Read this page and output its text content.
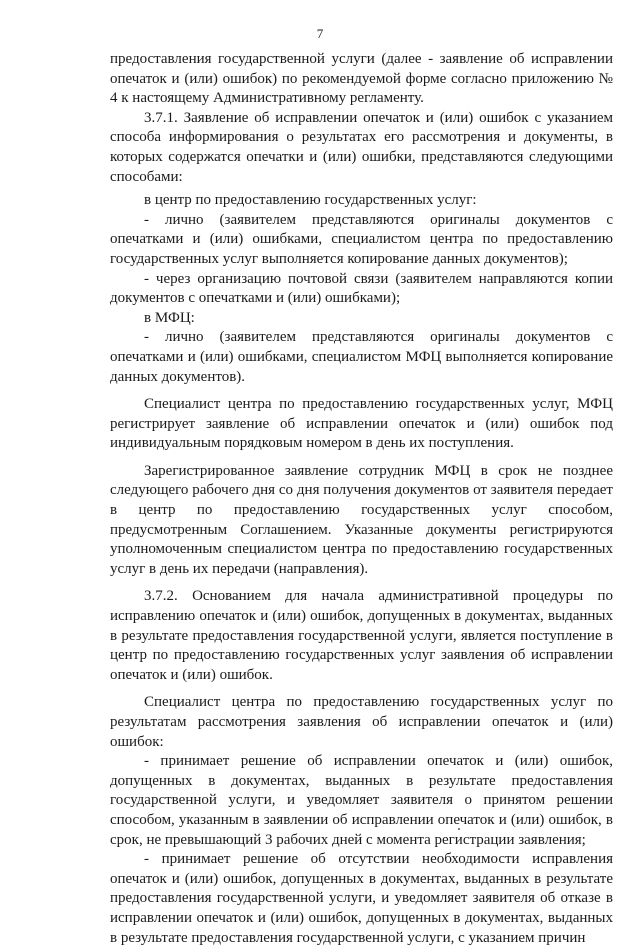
7

предоставления государственной услуги (далее - заявление об исправлении опечаток и (или) ошибок) по рекомендуемой форме согласно приложению № 4 к настоящему Административному регламенту.

3.7.1. Заявление об исправлении опечаток и (или) ошибок с указанием способа информирования о результатах его рассмотрения и документы, в которых содержатся опечатки и (или) ошибки, представляются следующими способами:

в центр по предоставлению государственных услуг:

- лично (заявителем представляются оригиналы документов с опечатками и (или) ошибками, специалистом центра по предоставлению государственных услуг выполняется копирование данных документов);

- через организацию почтовой связи (заявителем направляются копии документов с опечатками и (или) ошибками);

в МФЦ:

- лично (заявителем представляются оригиналы документов с опечатками и (или) ошибками, специалистом МФЦ выполняется копирование данных документов).

Специалист центра по предоставлению государственных услуг, МФЦ регистрирует заявление об исправлении опечаток и (или) ошибок под индивидуальным порядковым номером в день их поступления.

Зарегистрированное заявление сотрудник МФЦ в срок не позднее следующего рабочего дня со дня получения документов от заявителя передает в центр по предоставлению государственных услуг способом, предусмотренным Соглашением. Указанные документы регистрируются уполномоченным специалистом центра по предоставлению государственных услуг в день их передачи (направления).

3.7.2. Основанием для начала административной процедуры по исправлению опечаток и (или) ошибок, допущенных в документах, выданных в результате предоставления государственной услуги, является поступление в центр по предоставлению государственных услуг заявления об исправлении опечаток и (или) ошибок.

Специалист центра по предоставлению государственных услуг по результатам рассмотрения заявления об исправлении опечаток и (или) ошибок:

- принимает решение об исправлении опечаток и (или) ошибок, допущенных в документах, выданных в результате предоставления государственной услуги, и уведомляет заявителя о принятом решении способом, указанным в заявлении об исправлении опечаток и (или) ошибок, в срок, не превышающий 3 рабочих дней с момента регистрации заявления;

- принимает решение об отсутствии необходимости исправления опечаток и (или) ошибок, допущенных в документах, выданных в результате предоставления государственной услуги, и уведомляет заявителя об отказе в исправлении опечаток и (или) ошибок, допущенных в документах, выданных в результате предоставления государственной услуги, с указанием причин
